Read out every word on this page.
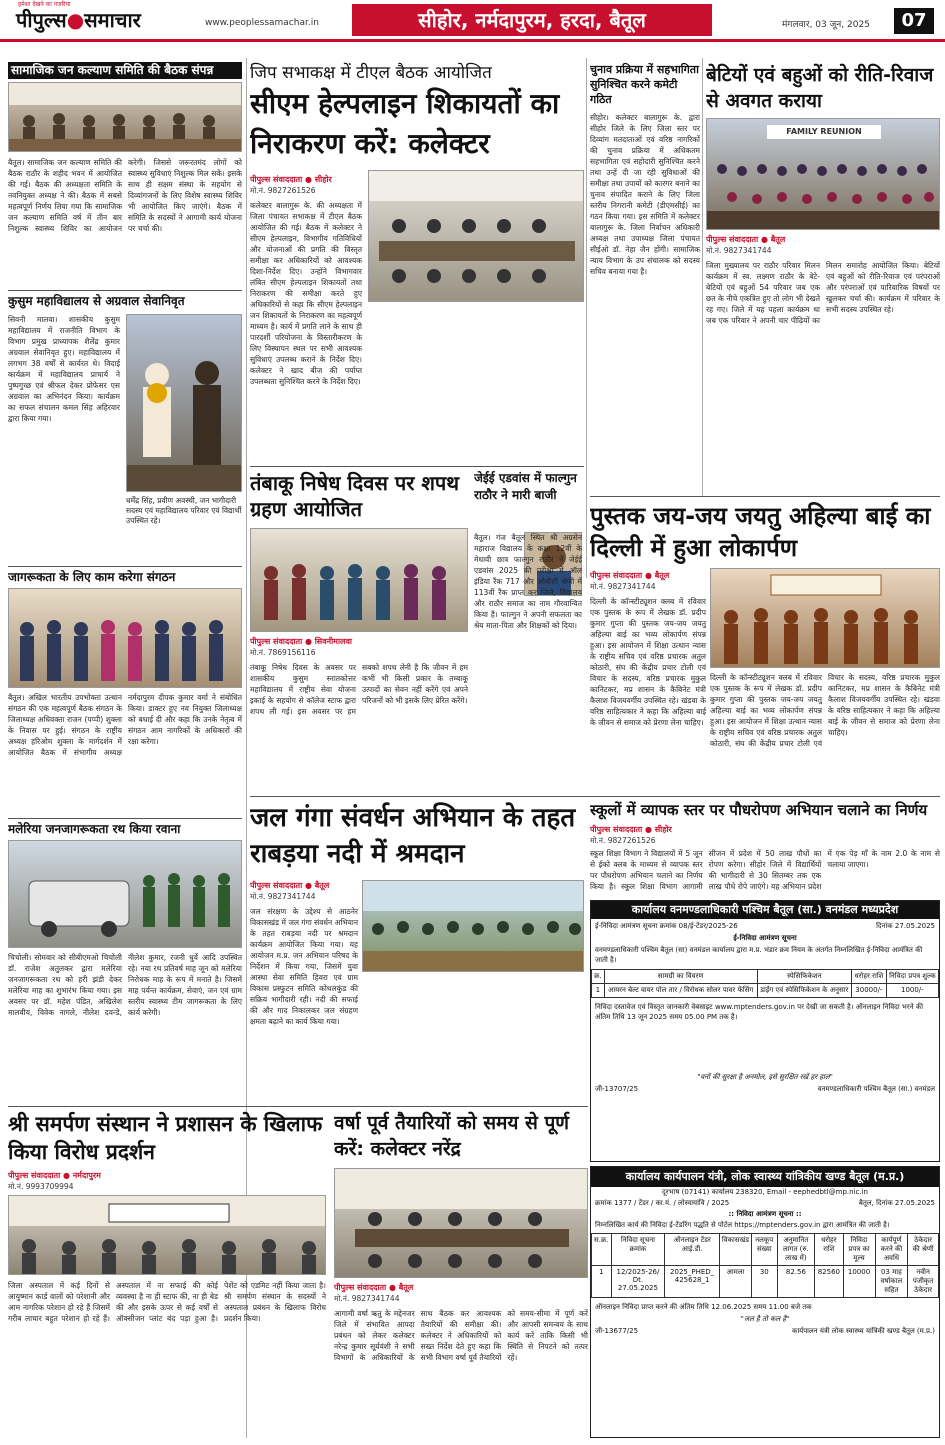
हमेशा देखने का नजरिया
पीपुल्स●समाचार	www.peoplessamachar.in	सीहोर, नर्मदापुरम, हरदा, बैतूल	मंगलवार, 03 जून, 2025	07
सामाजिक जन कल्याण समिति की बैठक संपन्न
बैतूल। सामाजिक जन कल्याण समिति की बैठक राठौर के शहीद भवन में आयोजित की गई। बैठक की अध्यक्षता समिति के नवनियुक्त अध्यक्ष ने की। बैठक में सबसे महत्वपूर्ण निर्णय लिया गया कि सामाजिक जन कल्याण समिति वर्ष में तीन बार निशुल्क स्वास्थ्य शिविर का आयोजन करेगी। जिससे जरूरतमंद लोगों को स्वास्थ्य सुविधाएं निशुल्क मिल सकें। इसके साथ ही सक्षम संस्था के सहयोग से दिव्यांगजनों के लिए विशेष स्वास्थ्य शिविर भी आयोजित किए जाएंगे। बैठक में समिति के सदस्यों ने आगामी कार्य योजना पर चर्चा की।
कुसुम महाविद्यालय से अग्रवाल सेवानिवृत
सिवनी मालवा। शासकीय कुसुम महाविद्यालय में राजनीति विभाग के विभाग प्रमुख प्राध्यापक शैलेंद्र कुमार अग्रवाल सेवानिवृत हुए। महाविद्यालय में लगभग 38 वर्षों से कार्यरत थे। विदाई कार्यक्रम में महाविद्यालय प्राचार्य ने पुष्पगुच्छ एवं श्रीफल देकर प्रोफेसर एस अग्रवाल का अभिनंदन किया। कार्यक्रम का सफल संचालन कमल सिंह अहिरवार द्वारा किया गया।
धर्मेंद्र सिंह, प्रवीण अवस्थी, जन भागीदारी सदस्य एवं महाविद्यालय परिवार एवं विद्यार्थी उपस्थित रहे।
जागरूकता के लिए काम करेगा संगठन
बैतूल। अखिल भारतीय उपभोक्ता उत्थान संगठन की एक महत्वपूर्ण बैठक संगठन के जिलाध्यक्ष अधिवक्ता राजन (पप्पी) शुक्ला के निवास पर हुई। संगठन के राष्ट्रीय अध्यक्ष हरिओम शुक्ला के मार्गदर्शन में आयोजित बैठक में संभागीय अध्यक्ष नर्मदापुरम दीपक कुमार वर्मा ने संबोधित किया। डाक्टर हुए नव नियुक्त जिलाध्यक्ष को बधाई दी और कहा कि उनके नेतृत्व में संगठन आम नागरिकों के अधिकारों की रक्षा करेगा।
मलेरिया जनजागरूकता रथ किया रवाना
चिचोली। सोमवार को सीबीएमओ चिचोली डॉ. राजेश अतुलकर द्वारा मलेरिया जनजागरूकता रथ को हरी झंडी देकर मलेरिया माह का शुभारंभ किया गया। इस अवसर पर डॉ. महेश पंडित, अखिलेश मालवीय, विवेक नागले, नीलेश दवन्डे, नीलेश कुमार, रजनी धुर्वे आदि उपस्थित रहे। नया रथ प्रतिवर्ष माह जून को मलेरिया निरोधक माह के रूप में मनाते है। जिसमें माह पर्यन्त कार्यक्रम, सेवाएं, जन एवं ग्राम स्तरीय स्वास्थ्य टीम जागरूकता के लिए कार्य करेगी।
श्री समर्पण संस्थान ने प्रशासन के खिलाफ किया विरोध प्रदर्शन
पीपुल्स संवाददाता ● नर्मदापुरम
मो.नं. 9993709994
जिला अस्पताल में कई दिनों से आयुष्मान कार्ड वालों को परेशानी और आम नागरिक परेशान हो रहे हैं जिसमें गरीब लाचार बहुत परेशान हो रहे हैं। अस्पताल में ना सफाई की कोई व्यवस्था है ना ही स्टाफ की, ना ही बेड की और इसके ऊपर से कई वर्षों से ऑक्सीजन प्लांट बंद पड़ा हुआ है। पेशेंट को एडमिट नहीं किया जाता है। श्री समर्पण संस्थान के सदस्यों ने अस्पताल प्रबंधन के खिलाफ विरोध प्रदर्शन किया।
जिप सभाकक्ष में टीएल बैठक आयोजित
सीएम हेल्पलाइन शिकायतों का निराकरण करें: कलेक्टर
पीपुल्स संवाददाता ● सीहोर
मो.नं. 9827261526
कलेक्टर बालागुरू के. की अध्यक्षता में जिला पंचायत सभाकक्ष में टीएल बैठक आयोजित की गई। बैठक में कलेक्टर ने सीएम हेल्पलाइन, विभागीय गतिविधियों और योजनाओं की प्रगति की विस्तृत समीक्षा कर अधिकारियों को आवश्यक दिशा-निर्देश दिए। उन्होंने विभागवार लंबित सीएम हेल्पलाइन शिकायतों तथा निराकरण की समीक्षा करते हुए अधिकारियों से कहा कि सीएम हेल्पलाइन जन शिकायतों के निराकरण का महत्वपूर्ण माध्यम है। कार्य में प्रगति लाने के साथ ही पारदर्शी परियोजना के विस्तारीकरण के लिए विस्थापन स्थल पर सभी आवश्यक सुविधाएं उपलब्ध कराने के निर्देश दिए। कलेक्टर ने खाद बीज की पर्याप्त उपलब्धता सुनिश्चित करने के निर्देश दिए।
तंबाकू निषेध दिवस पर शपथ ग्रहण आयोजित
पीपुल्स संवाददाता ● सिवनीमालवा
मो.नं. 7869156116
तंबाकू निषेध दिवस के अवसर पर शासकीय कुसुम स्नातकोत्तर महाविद्यालय में राष्ट्रीय सेवा योजना इकाई के सहयोग से कॉलेज स्टाफ द्वारा शपथ ली गई। इस अवसर पर हम सबको शपथ लेनी है कि जीवन में हम कभी भी किसी प्रकार के तम्बाकू उत्पादों का सेवन नहीं करेंगे एवं अपने परिजनों को भी इसके लिए प्रेरित करेंगे।
जेईई एडवांस में फाल्गुन राठौर ने मारी बाजी
बैतूल। गंज बैतूल स्थित श्री अग्रसेन महाराज विद्यालय के कक्षा 12वीं के मेधावी छात्र फाल्गुन राठौर ने जेईई एडवांस 2025 की परीक्षा में ऑल इंडिया रैंक 717 और ओबीसी श्रेणी में 113वीं रैंक प्राप्त कर जिले, विद्यालय और राठौर समाज का नाम गौरवान्वित किया है। फाल्गुन ने अपनी सफलता का श्रेय माता-पिता और शिक्षकों को दिया।
जल गंगा संवर्धन अभियान के तहत राबड़या नदी में श्रमदान
पीपुल्स संवाददाता ● बैतूल
मो.नं. 9827341744
जल संरक्षण के उद्देश्य से आठनेर विकासखंड में जल गंगा संवर्धन अभियान के तहत राबड़या नदी पर श्रमदान कार्यक्रम आयोजित किया गया। यह आयोजन म.प्र. जन अभियान परिषद के निर्देशन में किया गया, जिसमें युवा आस्था सेवा समिति हिवरा एवं ग्राम विकास प्रस्फुटन समिति कोथलकुंड की सक्रिय भागीदारी रही। नदी की सफाई की और गाद निकालकर जल संग्रहण क्षमता बढ़ाने का कार्य किया गया।
वर्षा पूर्व तैयारियों को समय से पूर्ण करें: कलेक्टर नरेंद्र
पीपुल्स संवाददाता ● बैतूल
मो.नं. 9827341744
आगामी वर्षा ऋतु के मद्देनजर जिले में संभावित आपदा प्रबंधन को लेकर कलेक्टर नरेन्द्र कुमार सूर्यवंशी ने सभी विभागों के अधिकारियों के साथ बैठक कर आवश्यक तैयारियों की समीक्षा की। कलेक्टर ने अधिकारियों को सख्त निर्देश देते हुए कहा कि सभी विभाग वर्षा पूर्व तैयारियों को समय-सीमा में पूर्ण करें और आपसी समन्वय के साथ कार्य करें ताकि किसी भी स्थिति से निपटने को तत्पर रहें।
चुनाव प्रक्रिया में सहभागिता सुनिश्चित करने कमेटी गठित
सीहोर। कलेक्टर बालागुरू के. द्वारा सीहोर जिले के लिए जिला स्तर पर दिव्यांग मतदाताओं एवं वरिष्ठ नागरिकों की चुनाव प्रक्रिया में अधिकतम सहभागिता एवं सहोदारी सुनिश्चित करने तथा उन्हें दी जा रही सुविधाओं की समीक्षा तथा उपायों को कारगर बनाने का चुनाव संपादित कराने के लिए जिला स्तरीय निगरानी कमेटी (डीएमसीई) का गठन किया गया। इस समिति में कलेक्टर बालागुरू के. जिला निर्वाचन अधिकारी अध्यक्ष तथा उपाध्यक्ष जिला पंचायत सीईओ डॉ. नेहा जैन होंगी। सामाजिक न्याय विभाग के उप संचालक को सदस्य सचिव बनाया गया है।
बेटियों एवं बहुओं को रीति-रिवाज से अवगत कराया
FAMILY REUNION
पीपुल्स संवाददाता ● बैतूल
मो.नं. 9827341744
जिला मुख्यालय पर राठौर परिवार मिलन कार्यक्रम में स्व. लक्ष्मण राठौर के बेटे-बेटियों एवं बहुओं 54 परिवार जब एक छत के नीचे एकत्रित हुए तो लोग भी देखते रह गए। जिले में यह पहला कार्यक्रम था जब एक परिवार ने अपनी चार पीढ़ियों का मिलन समारोह आयोजित किया। बेटियों एवं बहुओं को रीति-रिवाज एवं परंपराओं और परंपराओं एवं पारिवारिक विषयों पर खुलकर चर्चा की। कार्यक्रम में परिवार के सभी सदस्य उपस्थित रहे।
पुस्तक जय-जय जयतु अहिल्या बाई का दिल्ली में हुआ लोकार्पण
पीपुल्स संवाददाता ● बैतूल
मो.नं. 9827341744
दिल्ली के कॉन्स्टीट्यूशन क्लब में रविवार एक पुस्तक के रूप में लेखक डॉ. प्रदीप कुमार गुप्ता की पुस्तक जय-जय जयतु अहिल्या बाई का भव्य लोकार्पण संपन्न हुआ। इस आयोजन में शिक्षा उत्थान न्यास के राष्ट्रीय सचिव एवं वरिष्ठ प्रचारक अतुल कोठारी, संघ की केंद्रीय प्रचार टोली एवं विचार के सदस्य, वरिष्ठ प्रचारक मुकुल कानिटकर, मप्र शासन के कैबिनेट मंत्री कैलाश विजयवर्गीय उपस्थित रहे। खंडवा के वरिष्ठ साहित्यकार ने कहा कि अहिल्या बाई के जीवन से समाज को प्रेरणा लेना चाहिए।
दिल्ली के कॉन्स्टीट्यूशन क्लब में रविवार एक पुस्तक के रूप में लेखक डॉ. प्रदीप कुमार गुप्ता की पुस्तक जय-जय जयतु अहिल्या बाई का भव्य लोकार्पण संपन्न हुआ। इस आयोजन में शिक्षा उत्थान न्यास के राष्ट्रीय सचिव एवं वरिष्ठ प्रचारक अतुल कोठारी, संघ की केंद्रीय प्रचार टोली एवं विचार के सदस्य, वरिष्ठ प्रचारक मुकुल कानिटकर, मप्र शासन के कैबिनेट मंत्री कैलाश विजयवर्गीय उपस्थित रहे। खंडवा के वरिष्ठ साहित्यकार ने कहा कि अहिल्या बाई के जीवन से समाज को प्रेरणा लेना चाहिए।
स्कूलों में व्यापक स्तर पर पौधरोपण अभियान चलाने का निर्णय
पीपुल्स संवाददाता ● सीहोर
मो.नं. 9827261526
स्कूल शिक्षा विभाग ने विद्यालयों में 5 जून से ईको क्लब के माध्यम से व्यापक स्तर पर पौधरोपण अभियान चलाने का निर्णय किया है। स्कूल शिक्षा विभाग आगामी सीजन में प्रदेश में 50 लाख पौधों का रोपण करेगा। सीहोर जिले में विद्यार्थियों की भागीदारी से 30 सितम्बर तक एक लाख पौधे रोपे जाएंगे। यह अभियान प्रदेश में एक पेड़ माँ के नाम 2.0 के नाम से चलाया जाएगा।
कार्यालय वनमण्डलाधिकारी पश्चिम बैतूल (सा.) वनमंडल मध्यप्रदेश
ई-निविदा आमंत्रण सूचना क्रमांक 08/ई-टेंडर/2025-26	दिनांक 27.05.2025
ई-निविदा आमंत्रण सूचना
वनमण्डलाधिकारी पश्चिम बैतूल (सा) वनमंडल कार्यालय द्वारा म.प्र. भंडार क्रय नियम के अंतर्गत निम्नलिखित ई-निविदा आमंत्रित की जाती है।
क्र.	सामग्री का विवरण	स्पेसिफिकेशन	धरोहर राशि	निविदा प्रपत्र शुल्क
1	आयरन बेल्ट वायर पोल तार / विरोधक सोलर पावर फेंसिंग	डाईंग एवं स्पेसिफिकेशन के अनुसार	30000/-	1000/-
निविदा दस्तावेज एवं विस्तृत जानकारी वेबसाइट www.mptenders.gov.in पर देखी जा सकती है। ऑनलाइन निविदा भरने की अंतिम तिथि 13 जून 2025 समय 05.00 PM तक है।
"वनों की सुरक्षा है अनमोल, इसे सुरक्षित रखें हर हाल"
जी-13707/25	वनमण्डलाधिकारी पश्चिम बैतूल (सा.) वनमंडल
कार्यालय कार्यपालन यंत्री, लोक स्वास्थ्य यांत्रिकीय खण्ड बैतूल (म.प्र.)
दूरभाष (07141) कार्यालय 238320, Email - eephedbtl@mp.nic.in
क्रमांक 1377 / टेंडर / का.यं. / लोस्वायांवि / 2025	बैतूल, दिनांक 27.05.2025
:: निविदा आमंत्रण सूचना ::
निम्नलिखित कार्य की निविदा ई-टेंडरिंग पद्धति से पोर्टल https://mptenders.gov.in द्वारा आमंत्रित की जाती है।
स.क्र.	निविदा सूचना क्रमांक	ऑनलाइन टेंडर आई.डी.	विकासखंड	नलकूप संख्या	अनुमानित लागत (रु. लाख में)	धरोहर राशि	निविदा प्रपत्र का मूल्य	कार्यपूर्ण करने की अवधि	ठेकेदार की श्रेणी
1	12/2025-26/ Dt. 27.05.2025	2025_PHED_ 425628_1	आमला	30	82.56	82560	10000	03 माह वर्षाकाल सहित	नवीन पंजीकृत ठेकेदार
ऑनलाइन निविदा प्राप्त करने की अंतिम तिथि 12.06.2025 समय 11.00 बजे तक
"जल है तो कल है"
जी-13677/25	कार्यपालन यंत्री लोक स्वास्थ्य यांत्रिकी खण्ड बैतूल (म.प्र.)
